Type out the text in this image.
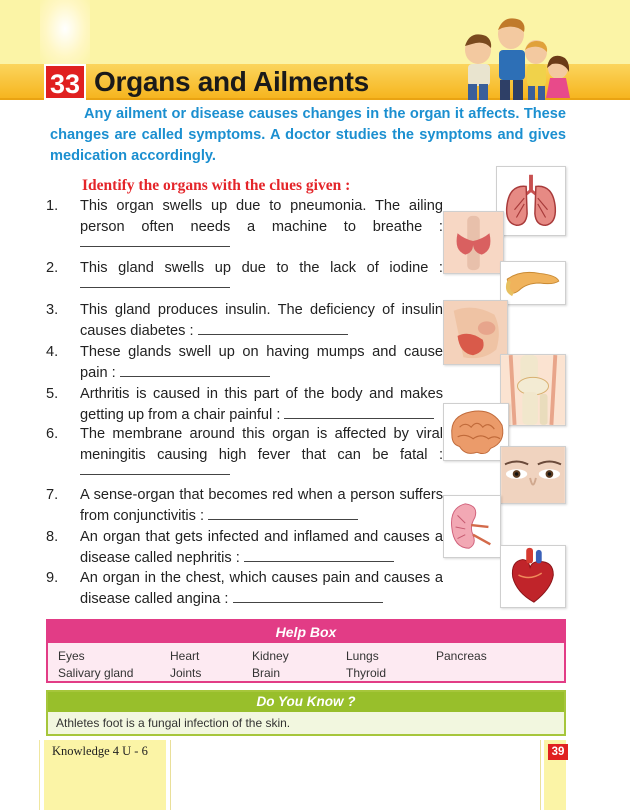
33 Organs and Ailments

Any ailment or disease causes changes in the organ it affects. These changes are called symptoms. A doctor studies the symptoms and gives medication accordingly.

Identify the organs with the clues given :
1.	This organ swells up due to pneumonia. The ailing
person often needs a machine to breathe :
2.	This gland swells up due to the lack of iodine :
3.	This gland produces insulin. The deficiency of insulin
causes diabetes :
4.	These glands swell up on having mumps and cause
pain :
5.	Arthritis is caused in this part of the body and makes
getting up from a chair painful :
6.	The membrane around this organ is affected by viral
meningitis causing high fever that can be fatal :
7.	A sense-organ that becomes red when a person suffers
from conjunctivitis :
8.	An organ that gets infected and inflamed and causes a
disease called nephritis :
9.	An organ in the chest, which causes pain and causes a
disease called angina :
Help Box
Eyes	Heart	Kidney	Lungs	Pancreas
Salivary gland	Joints	Brain	Thyroid
Do You Know ?
Athletes foot is a fungal infection of the skin.
Knowledge 4 U - 6	39
